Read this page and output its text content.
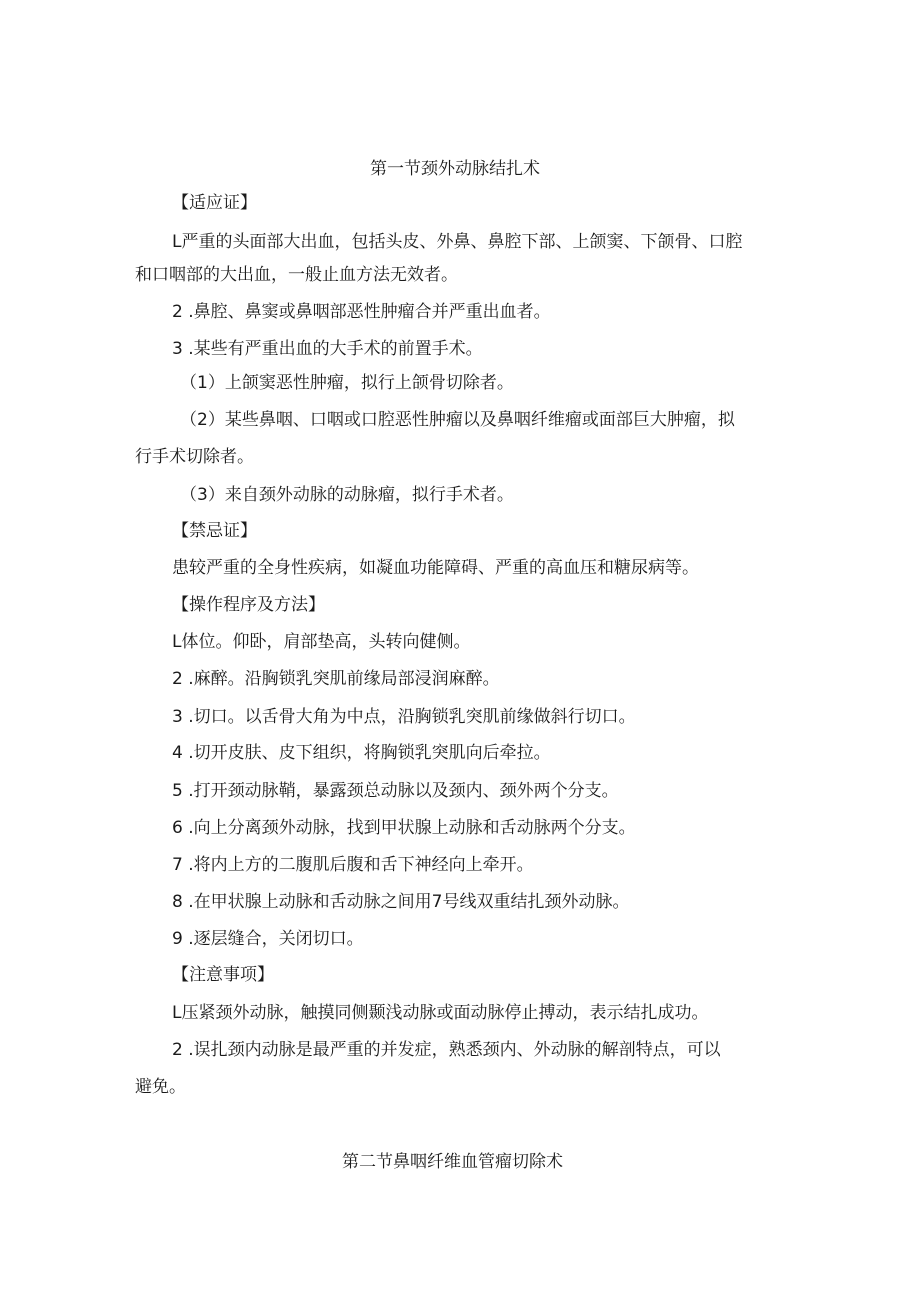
第一节颈外动脉结扎术
【适应证】
L严重的头面部大出血，包括头皮、外鼻、鼻腔下部、上颌窦、下颌骨、口腔
和口咽部的大出血，一般止血方法无效者。
2 .鼻腔、鼻窦或鼻咽部恶性肿瘤合并严重出血者。
3 .某些有严重出血的大手术的前置手术。
（1）上颌窦恶性肿瘤，拟行上颌骨切除者。
（2）某些鼻咽、口咽或口腔恶性肿瘤以及鼻咽纤维瘤或面部巨大肿瘤，拟
行手术切除者。
（3）来自颈外动脉的动脉瘤，拟行手术者。
【禁忌证】
患较严重的全身性疾病，如凝血功能障碍、严重的高血压和糖尿病等。
【操作程序及方法】
L体位。仰卧，肩部垫高，头转向健侧。
2 .麻醉。沿胸锁乳突肌前缘局部浸润麻醉。
3 .切口。以舌骨大角为中点，沿胸锁乳突肌前缘做斜行切口。
4 .切开皮肤、皮下组织，将胸锁乳突肌向后牵拉。
5 .打开颈动脉鞘，暴露颈总动脉以及颈内、颈外两个分支。
6 .向上分离颈外动脉，找到甲状腺上动脉和舌动脉两个分支。
7 .将内上方的二腹肌后腹和舌下神经向上牵开。
8 .在甲状腺上动脉和舌动脉之间用7号线双重结扎颈外动脉。
9 .逐层缝合，关闭切口。
【注意事项】
L压紧颈外动脉，触摸同侧颞浅动脉或面动脉停止搏动，表示结扎成功。
2 .误扎颈内动脉是最严重的并发症，熟悉颈内、外动脉的解剖特点，可以
避免。
第二节鼻咽纤维血管瘤切除术
